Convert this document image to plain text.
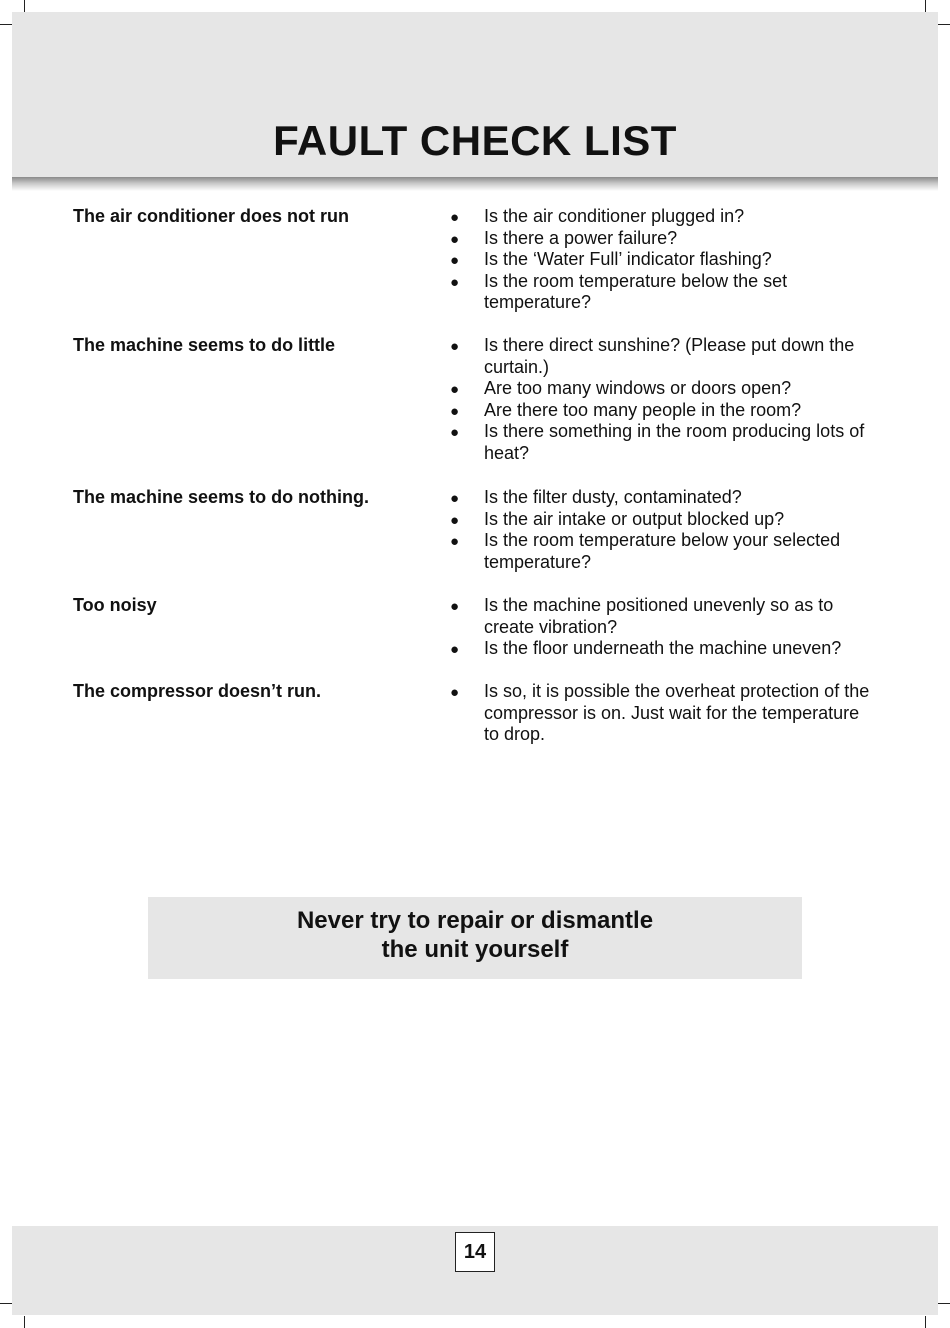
FAULT CHECK LIST
The air conditioner does not run	● Is the air conditioner plugged in?
● Is there a power failure?
● Is the ‘Water Full’ indicator flashing?
● Is the room temperature below the set temperature?
The machine seems to do little	● Is there direct sunshine? (Please put down the curtain.)
● Are too many windows or doors open?
● Are there too many people in the room?
● Is there something in the room producing lots of heat?
The machine seems to do nothing.	● Is the filter dusty, contaminated?
● Is the air intake or output blocked up?
● Is the room temperature below your selected temperature?
Too noisy	● Is the machine positioned unevenly so as to create vibration?
● Is the floor underneath the machine uneven?
The compressor doesn’t run.	● Is so, it is possible the overheat protection of the compressor is on. Just wait for the temperature to drop.
Never try to repair or dismantle
the unit yourself
14
